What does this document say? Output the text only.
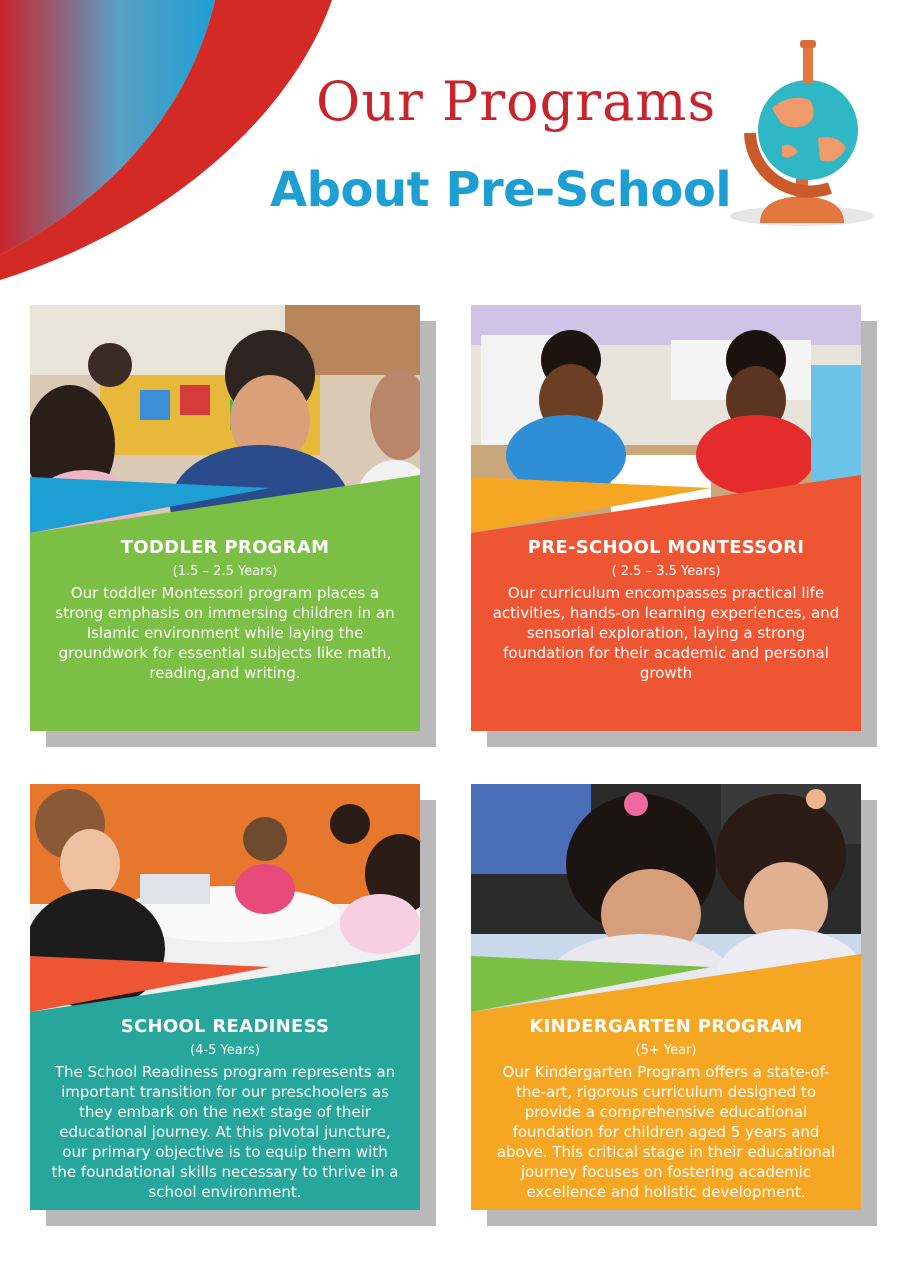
Our Programs
About Pre-School
TODDLER PROGRAM
(1.5 – 2.5 Years)
Our toddler Montessori program places a strong emphasis on immersing children in an Islamic environment while laying the groundwork for essential subjects like math, reading,and writing.
PRE-SCHOOL MONTESSORI
( 2.5 – 3.5 Years)
Our curriculum encompasses practical life activities, hands-on learning experiences, and sensorial exploration, laying a strong foundation for their academic and personal growth
SCHOOL READINESS
(4-5 Years)
The School Readiness program represents an important transition for our preschoolers as they embark on the next stage of their educational journey. At this pivotal juncture, our primary objective is to equip them with the foundational skills necessary to thrive in a school environment.
KINDERGARTEN PROGRAM
(5+ Year)
Our Kindergarten Program offers a state-of-the-art, rigorous curriculum designed to provide a comprehensive educational foundation for children aged 5 years and above. This critical stage in their educational journey focuses on fostering academic excellence and holistic development.
